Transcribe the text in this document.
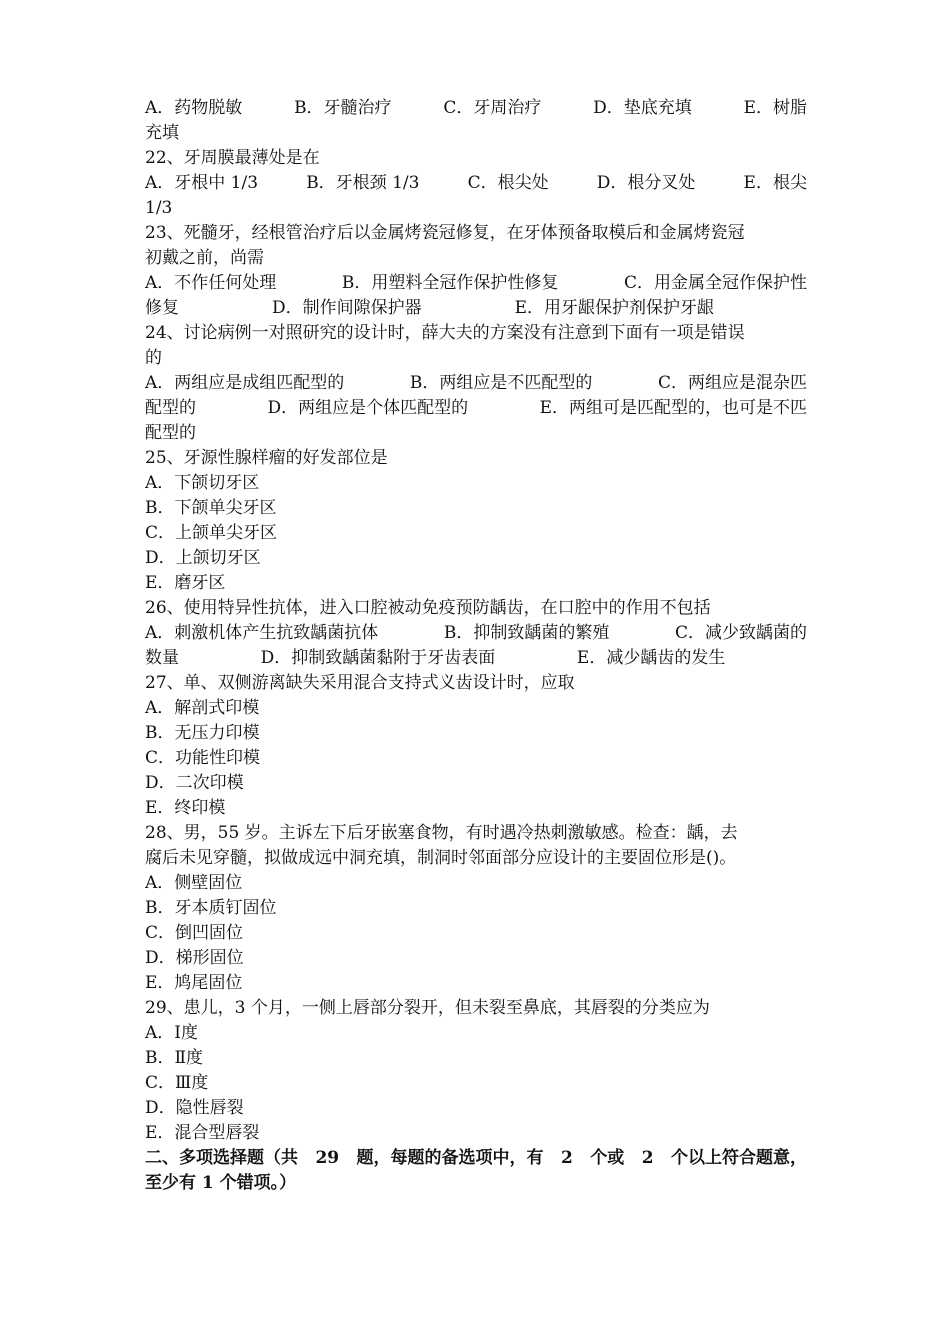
A．药物脱敏	B．牙髓治疗	C．牙周治疗	D．垫底充填	E．树脂
充填
22、牙周膜最薄处是在
A．牙根中 1/3	B．牙根颈 1/3	C．根尖处	D．根分叉处	E．根尖
1/3
23、死髓牙，经根管治疗后以金属烤瓷冠修复，在牙体预备取模后和金属烤瓷冠
初戴之前，尚需
A．不作任何处理	B．用塑料全冠作保护性修复	C．用金属全冠作保护性
修复	D．制作间隙保护器	E．用牙龈保护剂保护牙龈
24、讨论病例一对照研究的设计时，薛大夫的方案没有注意到下面有一项是错误
的
A．两组应是成组匹配型的	B．两组应是不匹配型的	C．两组应是混杂匹
配型的	D．两组应是个体匹配型的	E．两组可是匹配型的，也可是不匹
配型的
25、牙源性腺样瘤的好发部位是
A．下颌切牙区
B．下颌单尖牙区
C．上颌单尖牙区
D．上颌切牙区
E．磨牙区
26、使用特异性抗体，进入口腔被动免疫预防龋齿，在口腔中的作用不包括
A．刺激机体产生抗致龋菌抗体	B．抑制致龋菌的繁殖	C．减少致龋菌的
数量	D．抑制致龋菌黏附于牙齿表面	E．减少龋齿的发生
27、单、双侧游离缺失采用混合支持式义齿设计时，应取
A．解剖式印模
B．无压力印模
C．功能性印模
D．二次印模
E．终印模
28、男，55 岁。主诉左下后牙嵌塞食物，有时遇冷热刺激敏感。检查：龋，去
腐后未见穿髓，拟做成远中洞充填，制洞时邻面部分应设计的主要固位形是()。
A．侧壁固位
B．牙本质钉固位
C．倒凹固位
D．梯形固位
E．鸠尾固位
29、患儿，3 个月，一侧上唇部分裂开，但未裂至鼻底，其唇裂的分类应为
A．Ⅰ度
B．Ⅱ度
C．Ⅲ度
D．隐性唇裂
E．混合型唇裂
二、多项选择题（共 29 题，每题的备选项中，有 2 个或 2 个以上符合题意，
至少有 1 个错项。）
